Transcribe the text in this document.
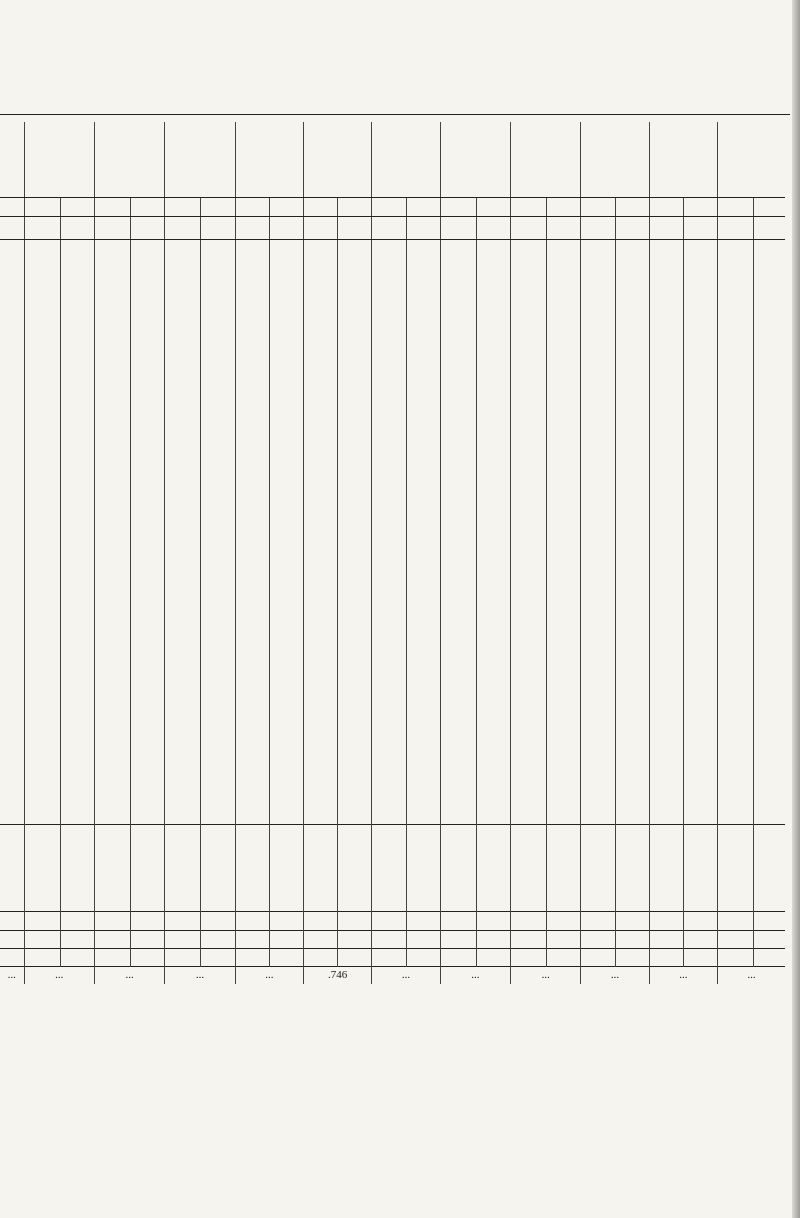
...	...		...		...		...		.746		...		...		...		...		...		...	
